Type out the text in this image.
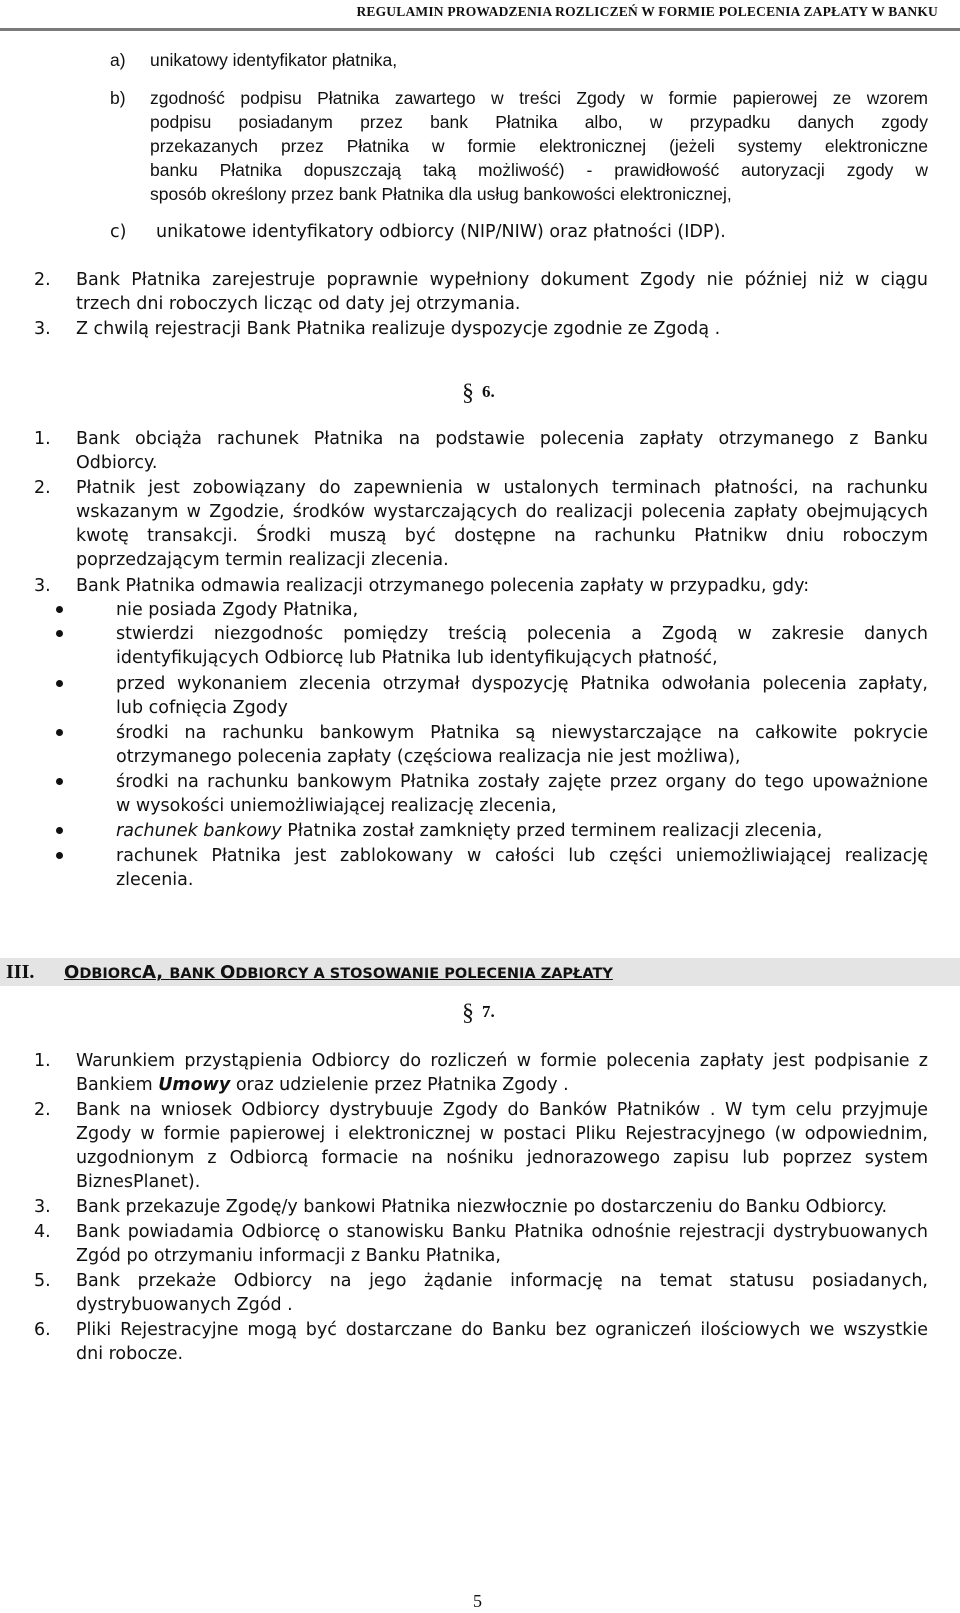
REGULAMIN PROWADZENIA ROZLICZEŃ W FORMIE POLECENIA ZAPŁATY W BANKU
a) unikatowy identyfikator płatnika,
b) zgodność podpisu Płatnika zawartego w treści Zgody w formie papierowej ze wzorem
podpisu posiadanym przez bank Płatnika albo, w przypadku danych zgody
przekazanych przez Płatnika w formie elektronicznej (jeżeli systemy elektroniczne
banku Płatnika dopuszczają taką możliwość) - prawidłowość autoryzacji zgody w
sposób określony przez bank Płatnika dla usług bankowości elektronicznej,
c) unikatowe identyfikatory odbiorcy (NIP/NIW) oraz płatności (IDP).
2. Bank Płatnika zarejestruje poprawnie wypełniony dokument Zgody nie później niż w ciągu
trzech dni roboczych licząc od daty jej otrzymania.
3. Z chwilą rejestracji Bank Płatnika realizuje dyspozycje zgodnie ze Zgodą .
§ 6.
1. Bank obciąża rachunek Płatnika na podstawie polecenia zapłaty otrzymanego z Banku
Odbiorcy.
2. Płatnik jest zobowiązany do zapewnienia w ustalonych terminach płatności, na rachunku
wskazanym w Zgodzie, środków wystarczających do realizacji polecenia zapłaty obejmujących
kwotę transakcji. Środki muszą być dostępne na rachunku Płatnikw dniu roboczym
poprzedzającym termin realizacji zlecenia.
3. Bank Płatnika odmawia realizacji otrzymanego polecenia zapłaty w przypadku, gdy:
nie posiada Zgody Płatnika,
stwierdzi niezgodnośc pomiędzy treścią polecenia a Zgodą w zakresie danych
identyfikujących Odbiorcę lub Płatnika lub identyfikujących płatność,
przed wykonaniem zlecenia otrzymał dyspozycję Płatnika odwołania polecenia zapłaty,
lub cofnięcia Zgody
środki na rachunku bankowym Płatnika są niewystarczające na całkowite pokrycie
otrzymanego polecenia zapłaty (częściowa realizacja nie jest możliwa),
środki na rachunku bankowym Płatnika zostały zajęte przez organy do tego upoważnione
w wysokości uniemożliwiającej realizację zlecenia,
rachunek bankowy Płatnika został zamknięty przed terminem realizacji zlecenia,
rachunek Płatnika jest zablokowany w całości lub części uniemożliwiającej realizację
zlecenia.
III. ODBIORCA, BANK ODBIORCY A STOSOWANIE POLECENIA ZAPŁATY
§ 7.
1. Warunkiem przystąpienia Odbiorcy do rozliczeń w formie polecenia zapłaty jest podpisanie z
Bankiem Umowy oraz udzielenie przez Płatnika Zgody .
2. Bank na wniosek Odbiorcy dystrybuuje Zgody do Banków Płatników . W tym celu przyjmuje
Zgody w formie papierowej i elektronicznej w postaci Pliku Rejestracyjnego (w odpowiednim,
uzgodnionym z Odbiorcą formacie na nośniku jednorazowego zapisu lub poprzez system
BiznesPlanet).
3. Bank przekazuje Zgodę/y bankowi Płatnika niezwłocznie po dostarczeniu do Banku Odbiorcy.
4. Bank powiadamia Odbiorcę o stanowisku Banku Płatnika odnośnie rejestracji dystrybuowanych
Zgód po otrzymaniu informacji z Banku Płatnika,
5. Bank przekaże Odbiorcy na jego żądanie informację na temat statusu posiadanych,
dystrybuowanych Zgód .
6. Pliki Rejestracyjne mogą być dostarczane do Banku bez ograniczeń ilościowych we wszystkie
dni robocze.
5
